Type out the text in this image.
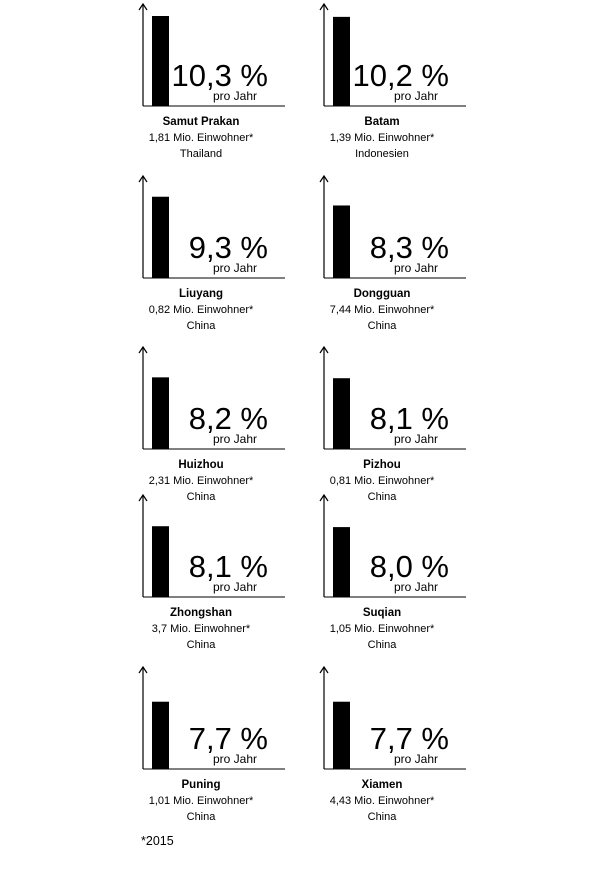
10,3 %
pro Jahr
Samut Prakan
1,81 Mio. Einwohner*
Thailand
10,2 %
pro Jahr
Batam
1,39 Mio. Einwohner*
Indonesien
9,3 %
pro Jahr
Liuyang
0,82 Mio. Einwohner*
China
8,3 %
pro Jahr
Dongguan
7,44 Mio. Einwohner*
China
8,2 %
pro Jahr
Huizhou
2,31 Mio. Einwohner*
China
8,1 %
pro Jahr
Pizhou
0,81 Mio. Einwohner*
China
8,1 %
pro Jahr
Zhongshan
3,7 Mio. Einwohner*
China
8,0 %
pro Jahr
Suqian
1,05 Mio. Einwohner*
China
7,7 %
pro Jahr
Puning
1,01 Mio. Einwohner*
China
7,7 %
pro Jahr
Xiamen
4,43 Mio. Einwohner*
China
*2015
